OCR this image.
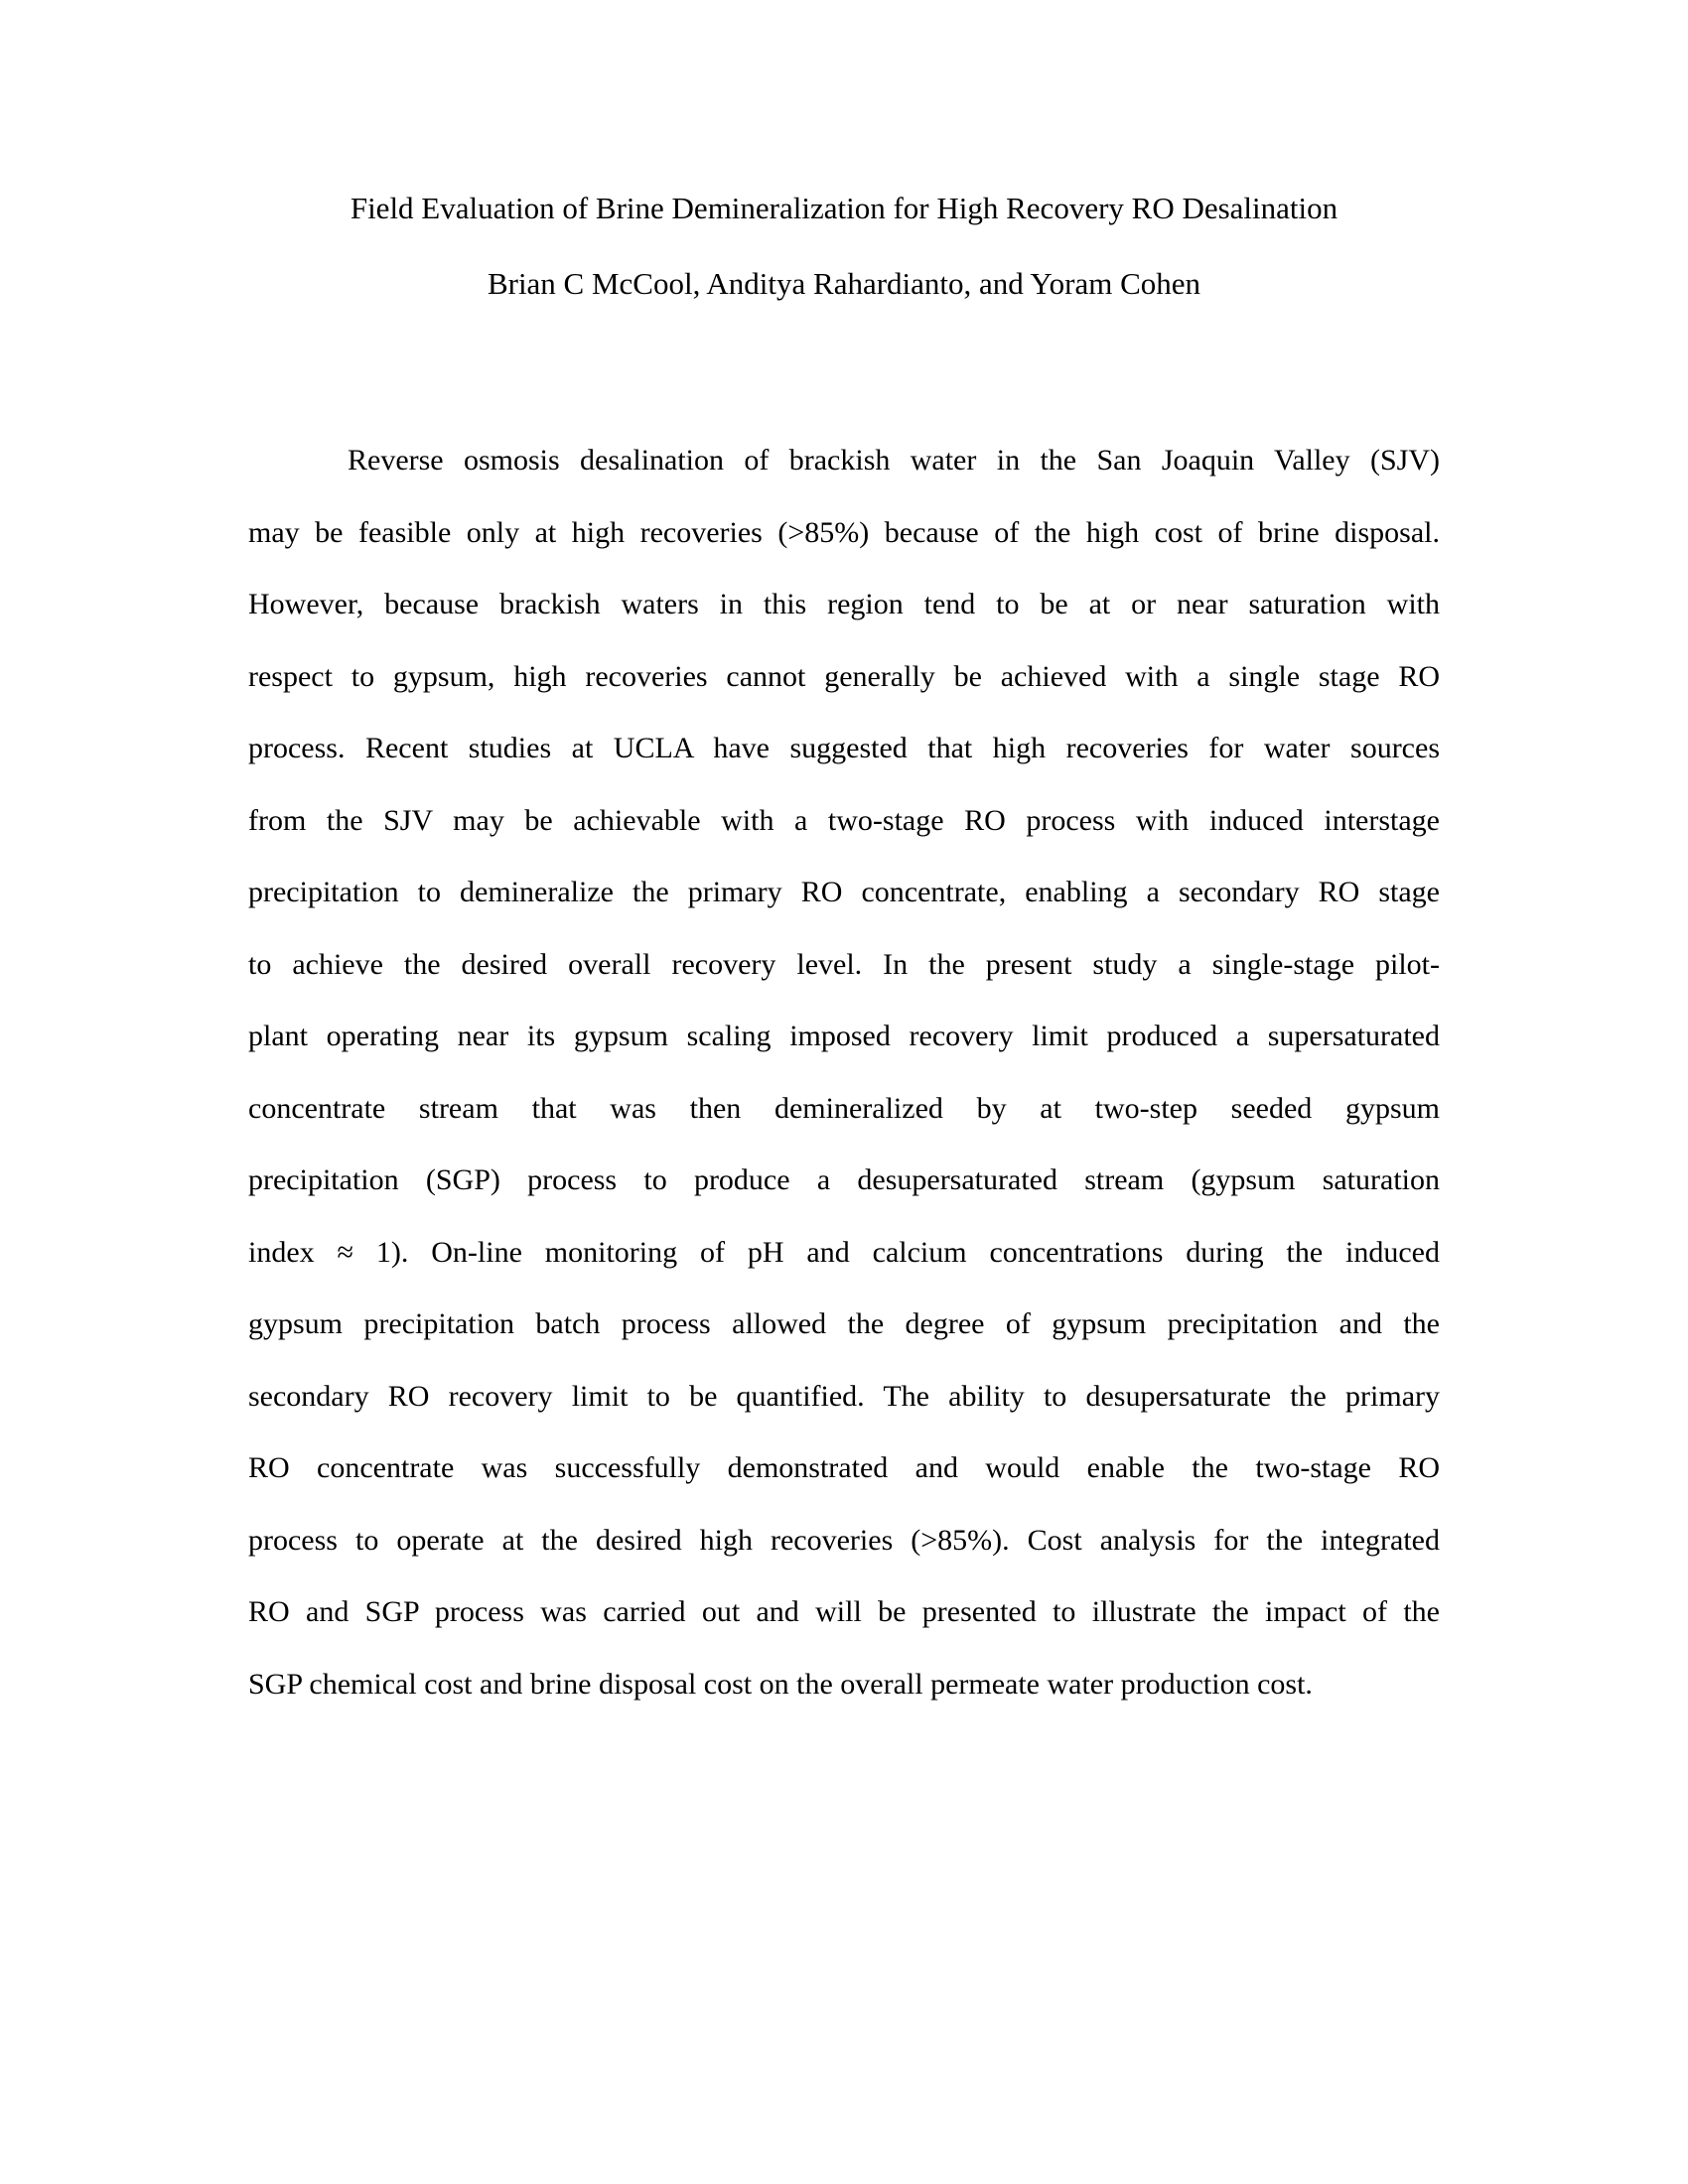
Field Evaluation of Brine Demineralization for High Recovery RO Desalination
Brian C McCool, Anditya Rahardianto, and Yoram Cohen
Reverse osmosis desalination of brackish water in the San Joaquin Valley (SJV)
may be feasible only at high recoveries (>85%) because of the high cost of brine disposal.
However, because brackish waters in this region tend to be at or near saturation with
respect to gypsum, high recoveries cannot generally be achieved with a single stage RO
process. Recent studies at UCLA have suggested that high recoveries for water sources
from the SJV may be achievable with a two-stage RO process with induced interstage
precipitation to demineralize the primary RO concentrate, enabling a secondary RO stage
to achieve the desired overall recovery level. In the present study a single-stage pilot-
plant operating near its gypsum scaling imposed recovery limit produced a supersaturated
concentrate stream that was then demineralized by at two-step seeded gypsum
precipitation (SGP) process to produce a desupersaturated stream (gypsum saturation
index ≈ 1). On-line monitoring of pH and calcium concentrations during the induced
gypsum precipitation batch process allowed the degree of gypsum precipitation and the
secondary RO recovery limit to be quantified. The ability to desupersaturate the primary
RO concentrate was successfully demonstrated and would enable the two-stage RO
process to operate at the desired high recoveries (>85%). Cost analysis for the integrated
RO and SGP process was carried out and will be presented to illustrate the impact of the
SGP chemical cost and brine disposal cost on the overall permeate water production cost.
